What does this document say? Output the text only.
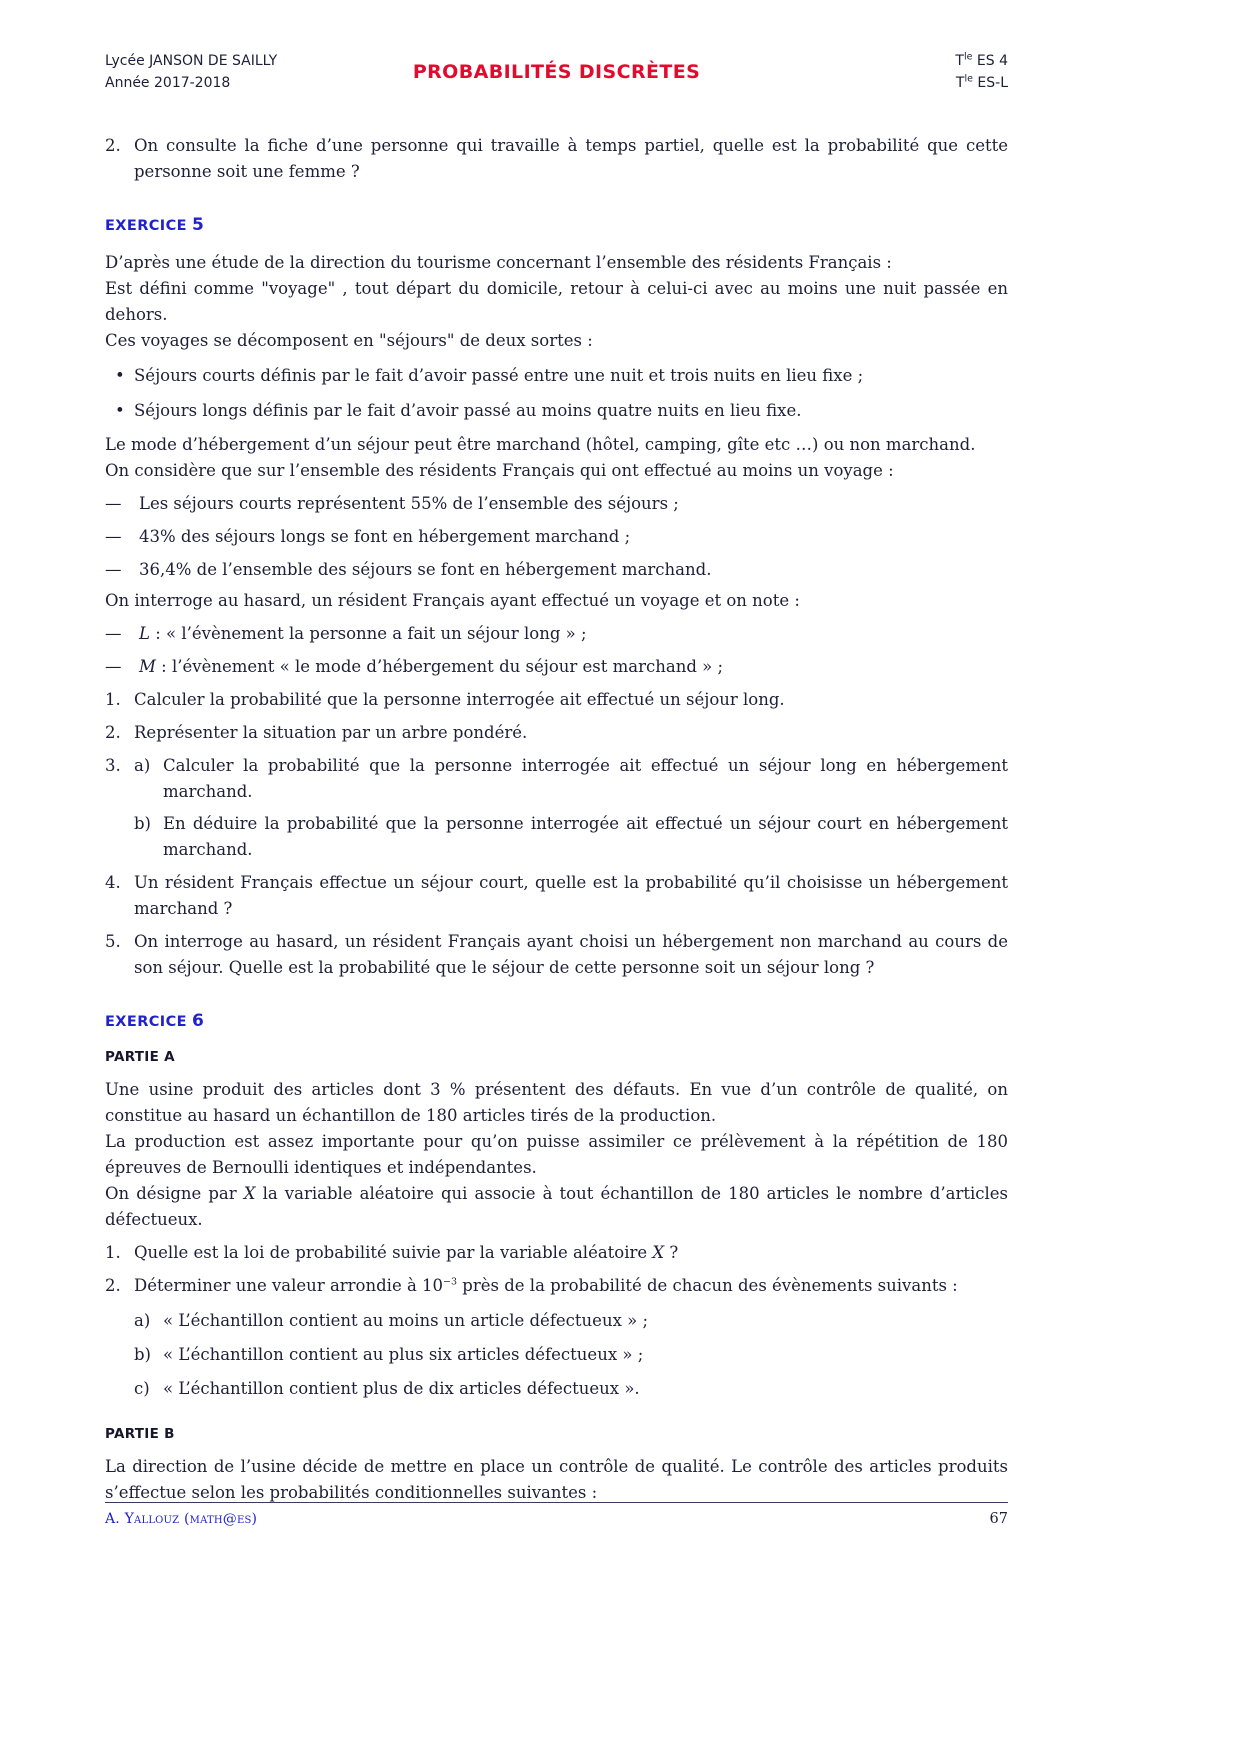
Lycée JANSON DE SAILLY
Année 2017-2018	PROBABILITÉS DISCRÈTES
$T^{le}$ ES 4
$T^{le}$ ES-L
2. On consulte la fiche d’une personne qui travaille à temps partiel, quelle est la probabilité que cette personne soit une femme ?

EXERCICE 5

D’après une étude de la direction du tourisme concernant l’ensemble des résidents Français :

Est défini comme "voyage" , tout départ du domicile, retour à celui-ci avec au moins une nuit passée en dehors.

Ces voyages se décomposent en "séjours" de deux sortes :

• Séjours courts définis par le fait d’avoir passé entre une nuit et trois nuits en lieu fixe ;

• Séjours longs définis par le fait d’avoir passé au moins quatre nuits en lieu fixe.

Le mode d’hébergement d’un séjour peut être marchand (hôtel, camping, gîte etc …) ou non marchand.

On considère que sur l’ensemble des résidents Français qui ont effectué au moins un voyage :

—	Les séjours courts représentent 55% de l’ensemble des séjours ;

—	43% des séjours longs se font en hébergement marchand ;

—	36,4% de l’ensemble des séjours se font en hébergement marchand.

On interroge au hasard, un résident Français ayant effectué un voyage et on note :

—	L : « l’évènement la personne a fait un séjour long » ;

—	M : l’évènement « le mode d’hébergement du séjour est marchand » ;

1. Calculer la probabilité que la personne interrogée ait effectué un séjour long.

2. Représenter la situation par un arbre pondéré.

3. a) Calculer la probabilité que la personne interrogée ait effectué un séjour long en hébergement marchand.

b) En déduire la probabilité que la personne interrogée ait effectué un séjour court en hébergement marchand.

4. Un résident Français effectue un séjour court, quelle est la probabilité qu’il choisisse un hébergement marchand ?

5. On interroge au hasard, un résident Français ayant choisi un hébergement non marchand au cours de son séjour. Quelle est la probabilité que le séjour de cette personne soit un séjour long ?

EXERCICE 6
PARTIE A

Une usine produit des articles dont 3 % présentent des défauts. En vue d’un contrôle de qualité, on constitue au hasard un échantillon de 180 articles tirés de la production.

La production est assez importante pour qu’on puisse assimiler ce prélèvement à la répétition de 180 épreuves de Bernoulli identiques et indépendantes.

On désigne par X la variable aléatoire qui associe à tout échantillon de 180 articles le nombre d’articles défectueux.

1. Quelle est la loi de probabilité suivie par la variable aléatoire X ?

2. Déterminer une valeur arrondie à $10^{-3}$ près de la probabilité de chacun des évènements suivants :

a) « L’échantillon contient au moins un article défectueux » ;

b) « L’échantillon contient au plus six articles défectueux » ;

c) « L’échantillon contient plus de dix articles défectueux ».

PARTIE B

La direction de l’usine décide de mettre en place un contrôle de qualité. Le contrôle des articles produits s’effectue selon les probabilités conditionnelles suivantes :

A. Yallouz (math@es)	67
